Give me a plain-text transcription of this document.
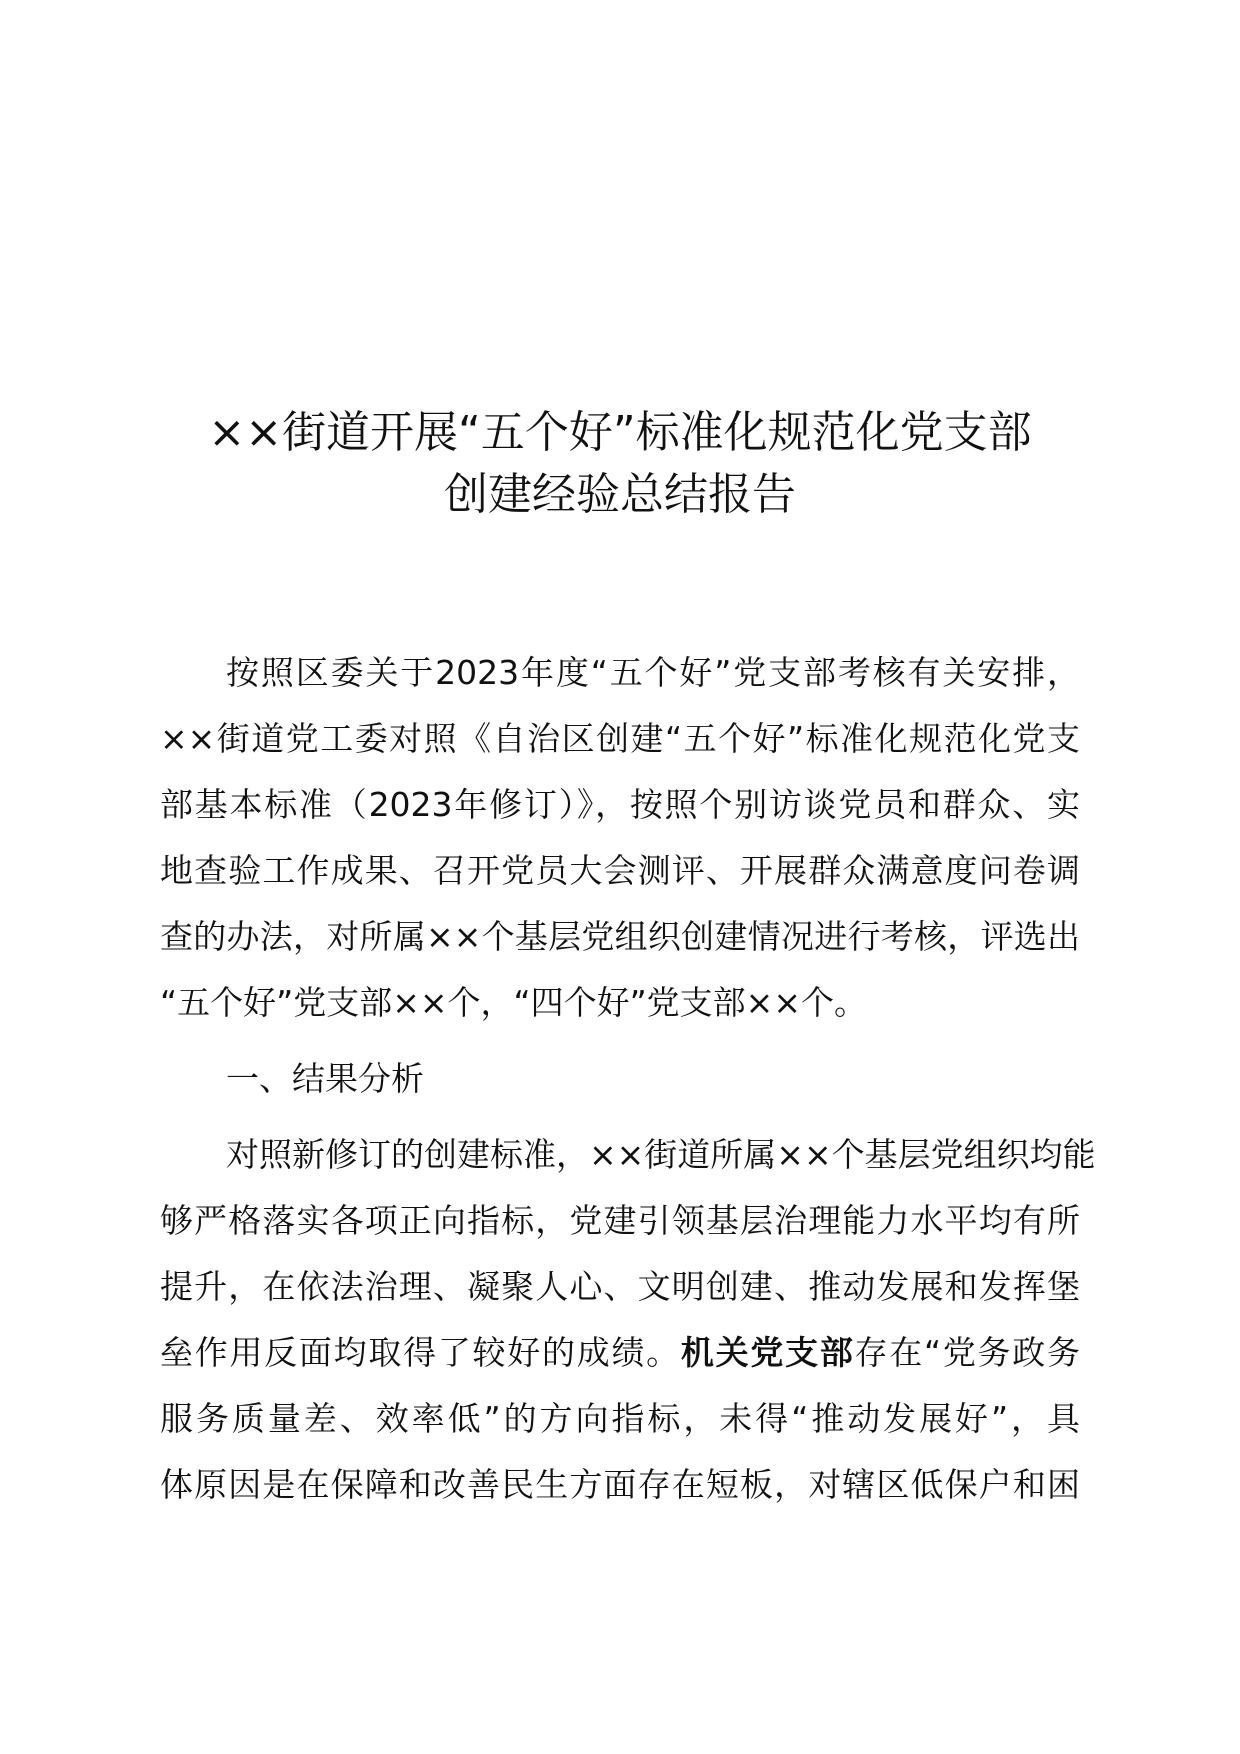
××街道开展“五个好”标准化规范化党支部
创建经验总结报告

按照区委关于2023年度“五个好”党支部考核有关安排，
××街道党工委对照《自治区创建“五个好”标准化规范化党支
部基本标准（2023年修订）》，按照个别访谈党员和群众、实
地查验工作成果、召开党员大会测评、开展群众满意度问卷调
查的办法，对所属××个基层党组织创建情况进行考核，评选出
“五个好”党支部××个，“四个好”党支部××个。

一、结果分析

对照新修订的创建标准，××街道所属××个基层党组织均能
够严格落实各项正向指标，党建引领基层治理能力水平均有所
提升，在依法治理、凝聚人心、文明创建、推动发展和发挥堡
垒作用反面均取得了较好的成绩。机关党支部存在“党务政务
服务质量差、效率低”的方向指标，未得“推动发展好”，具
体原因是在保障和改善民生方面存在短板，对辖区低保户和困
